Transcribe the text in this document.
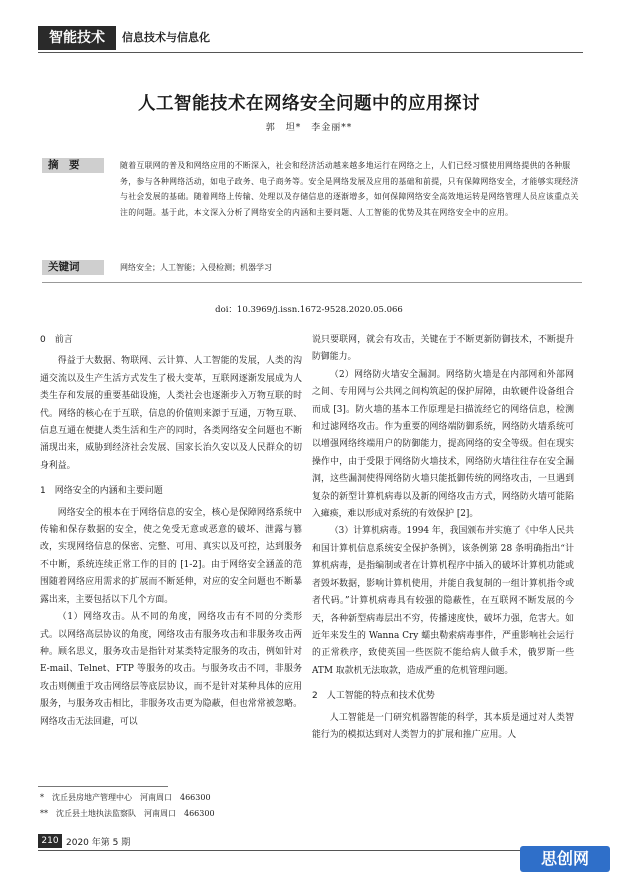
智能技术	信息技术与信息化
人工智能技术在网络安全问题中的应用探讨
郭　坦*　李金丽**
摘　要	随着互联网的普及和网络应用的不断深入，社会和经济活动越来越多地运行在网络之上，人们已经习惯使用网络提供的各种服务，参与各种网络活动，如电子政务、电子商务等。安全是网络发展及应用的基础和前提，只有保障网络安全，才能够实现经济与社会发展的基础。随着网络上传输、处理以及存储信息的逐渐增多，如何保障网络安全高效地运转是网络管理人员应该重点关注的问题。基于此，本文深入分析了网络安全的内涵和主要问题、人工智能的优势及其在网络安全中的应用。
关键词	网络安全；人工智能；入侵检测；机器学习
doi：10.3969/j.issn.1672-9528.2020.05.066
0　前言

得益于大数据、物联网、云计算、人工智能的发展，人类的沟通交流以及生产生活方式发生了极大变革，互联网逐渐发展成为人类生存和发展的重要基础设施，人类社会也逐渐步入万物互联的时代。网络的核心在于互联，信息的价值则来源于互通，万物互联、信息互通在便捷人类生活和生产的同时，各类网络安全问题也不断涌现出来，威胁到经济社会发展、国家长治久安以及人民群众的切身利益。

1　网络安全的内涵和主要问题

网络安全的根本在于网络信息的安全，核心是保障网络系统中传输和保存数据的安全，使之免受无意或恶意的破坏、泄露与篡改，实现网络信息的保密、完整、可用、真实以及可控，达到服务不中断，系统连续正常工作的目的 [1-2]。由于网络安全涵盖的范围随着网络应用需求的扩展而不断延伸，对应的安全问题也不断暴露出来，主要包括以下几个方面。

（1）网络攻击。从不同的角度，网络攻击有不同的分类形式。以网络高层协议的角度，网络攻击有服务攻击和非服务攻击两种。顾名思义，服务攻击是指针对某类特定服务的攻击，例如针对 E-mail、Telnet、FTP 等服务的攻击。与服务攻击不同，非服务攻击则侧重于攻击网络层等底层协议，而不是针对某种具体的应用服务，与服务攻击相比，非服务攻击更为隐蔽，但也常常被忽略。网络攻击无法回避，可以

说只要联网，就会有攻击，关键在于不断更新防御技术，不断提升防御能力。

（2）网络防火墙安全漏洞。网络防火墙是在内部网和外部网之间、专用网与公共网之间构筑起的保护屏障，由软硬件设备组合而成 [3]。防火墙的基本工作原理是扫描流经它的网络信息，检测和过滤网络攻击。作为重要的网络端防御系统，网络防火墙系统可以增强网络终端用户的防御能力，提高网络的安全等级。但在现实操作中，由于受限于网络防火墙技术，网络防火墙往往存在安全漏洞，这些漏洞使得网络防火墙只能抵御传统的网络攻击，一旦遇到复杂的新型计算机病毒以及新的网络攻击方式，网络防火墙可能陷入瘫痪，难以形成对系统的有效保护 [2]。

（3）计算机病毒。1994 年，我国颁布并实施了《中华人民共和国计算机信息系统安全保护条例》，该条例第 28 条明确指出“计算机病毒，是指编制或者在计算机程序中插入的破坏计算机功能或者毁坏数据，影响计算机使用，并能自我复制的一组计算机指令或者代码。”计算机病毒具有较强的隐蔽性，在互联网不断发展的今天，各种新型病毒层出不穷，传播速度快，破坏力强，危害大。如近年来发生的 Wanna Cry 蠕虫勒索病毒事件，严重影响社会运行的正常秩序，致使英国一些医院不能给病人做手术，俄罗斯一些 ATM 取款机无法取款，造成严重的危机管理问题。

2　人工智能的特点和技术优势

人工智能是一门研究机器智能的科学，其本质是通过对人类智能行为的模拟达到对人类智力的扩展和推广应用。人

*　沈丘县房地产管理中心　河南周口　466300
**　沈丘县土地执法监察队　河南周口　466300
210 2020 年第 5 期
思创网
